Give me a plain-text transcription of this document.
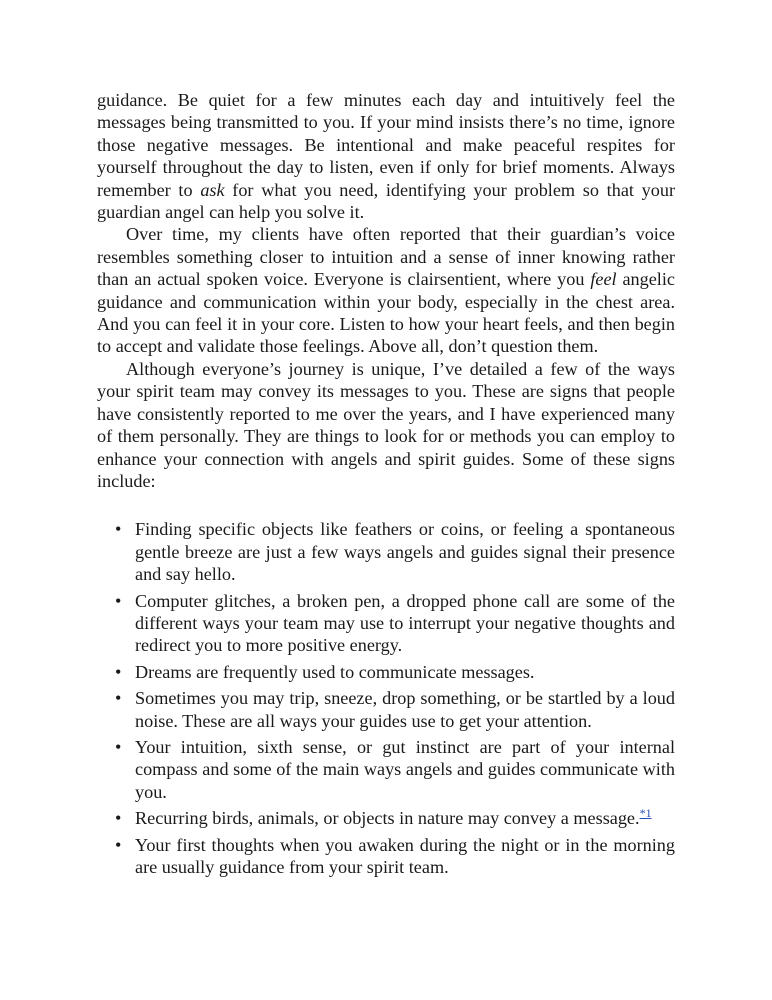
guidance. Be quiet for a few minutes each day and intuitively feel the messages being transmitted to you. If your mind insists there’s no time, ignore those negative messages. Be intentional and make peaceful respites for yourself throughout the day to listen, even if only for brief moments. Always remember to ask for what you need, identifying your problem so that your guardian angel can help you solve it.

Over time, my clients have often reported that their guardian’s voice resembles something closer to intuition and a sense of inner knowing rather than an actual spoken voice. Everyone is clairsentient, where you feel angelic guidance and communication within your body, especially in the chest area. And you can feel it in your core. Listen to how your heart feels, and then begin to accept and validate those feelings. Above all, don’t question them.

Although everyone’s journey is unique, I’ve detailed a few of the ways your spirit team may convey its messages to you. These are signs that people have consistently reported to me over the years, and I have experienced many of them personally. They are things to look for or methods you can employ to enhance your connection with angels and spirit guides. Some of these signs include:

• Finding specific objects like feathers or coins, or feeling a spontaneous gentle breeze are just a few ways angels and guides signal their presence and say hello.
• Computer glitches, a broken pen, a dropped phone call are some of the different ways your team may use to interrupt your negative thoughts and redirect you to more positive energy.
• Dreams are frequently used to communicate messages.
• Sometimes you may trip, sneeze, drop something, or be startled by a loud noise. These are all ways your guides use to get your attention.
• Your intuition, sixth sense, or gut instinct are part of your internal compass and some of the main ways angels and guides communicate with you.
• Recurring birds, animals, or objects in nature may convey a message.$^{*1}$
• Your first thoughts when you awaken during the night or in the morning are usually guidance from your spirit team.
